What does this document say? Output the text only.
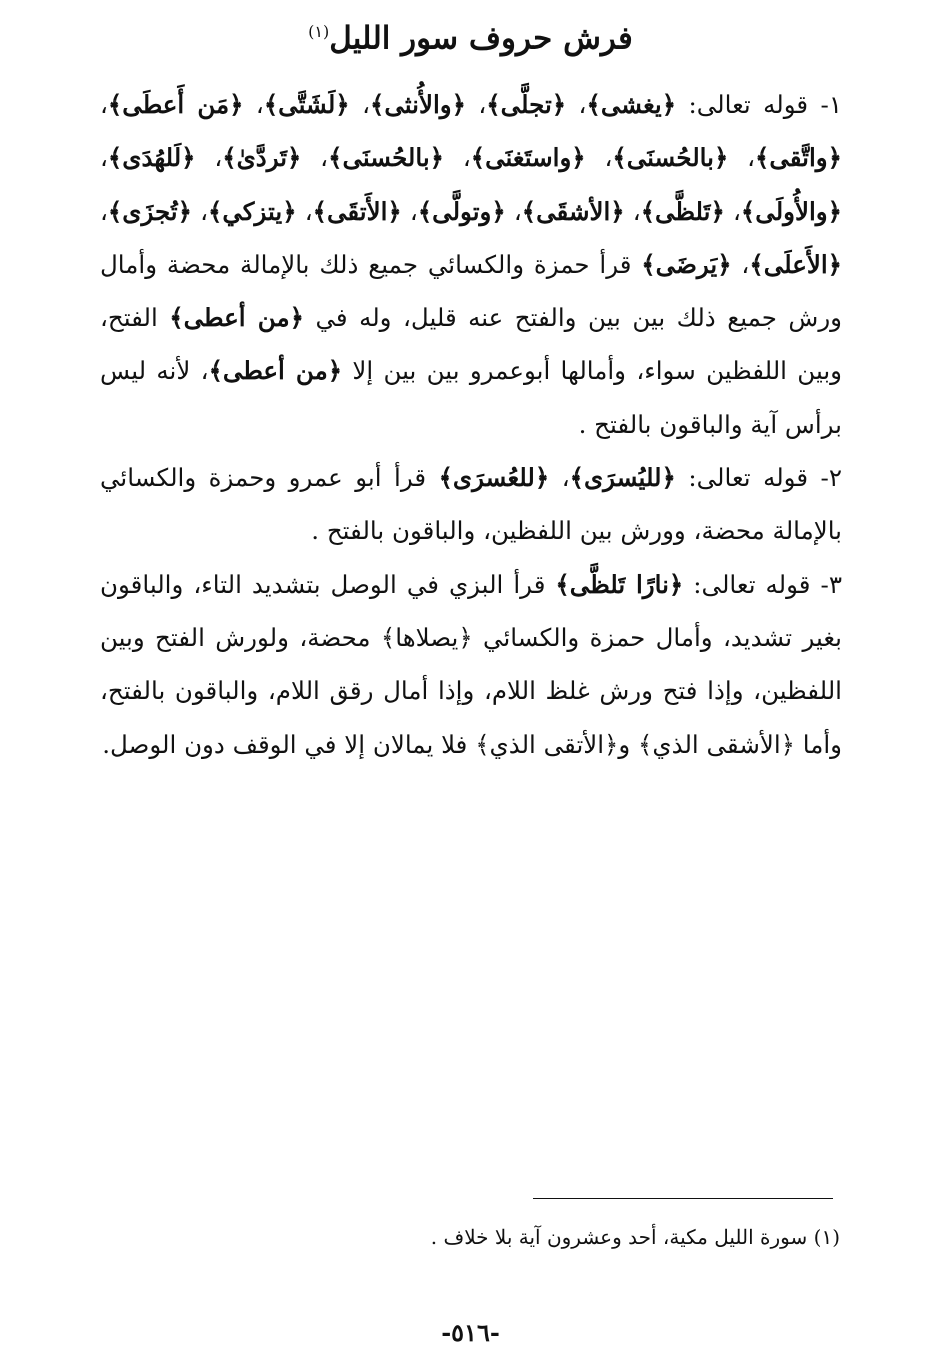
فرش حروف سور الليل$^{(١)}$

١- قوله تعالى: ﴿يغشى﴾، ﴿تجلَّى﴾، ﴿والأُنثى﴾، ﴿لَشَتَّى﴾، ﴿مَن أَعطَى﴾، ﴿واتَّقى﴾، ﴿بالحُسنَى﴾، ﴿واستَغنَى﴾، ﴿بالحُسنَى﴾، ﴿تَردَّىٰ﴾، ﴿لَلهُدَى﴾، ﴿والأُولَى﴾، ﴿تَلظَّى﴾، ﴿الأشقَى﴾، ﴿وتولَّى﴾، ﴿الأَتقَى﴾، ﴿يتزكي﴾، ﴿تُجزَى﴾، ﴿الأَعلَى﴾، ﴿يَرضَى﴾ قرأ حمزة والكسائي جميع ذلك بالإمالة محضة وأمال ورش جميع ذلك بين بين والفتح عنه قليل، وله في ﴿من أعطى﴾ الفتح، وبين اللفظين سواء، وأمالها أبوعمرو بين بين إلا ﴿من أعطى﴾، لأنه ليس برأس آية والباقون بالفتح .

٢- قوله تعالى: ﴿لليُسرَى﴾، ﴿للعُسرَى﴾ قرأ أبو عمرو وحمزة والكسائي بالإمالة محضة، وورش بين اللفظين، والباقون بالفتح .

٣- قوله تعالى: ﴿نارًا تَلظَّى﴾ قرأ البزي في الوصل بتشديد التاء، والباقون بغير تشديد، وأمال حمزة والكسائي ﴿يصلاها﴾ محضة، ولورش الفتح وبين اللفظين، وإذا فتح ورش غلظ اللام، وإذا أمال رقق اللام، والباقون بالفتح، وأما ﴿الأشقى الذي﴾ و﴿الأتقى الذي﴾ فلا يمالان إلا في الوقف دون الوصل.

(١) سورة الليل مكية، أحد وعشرون آية بلا خلاف .
-٥١٦-
